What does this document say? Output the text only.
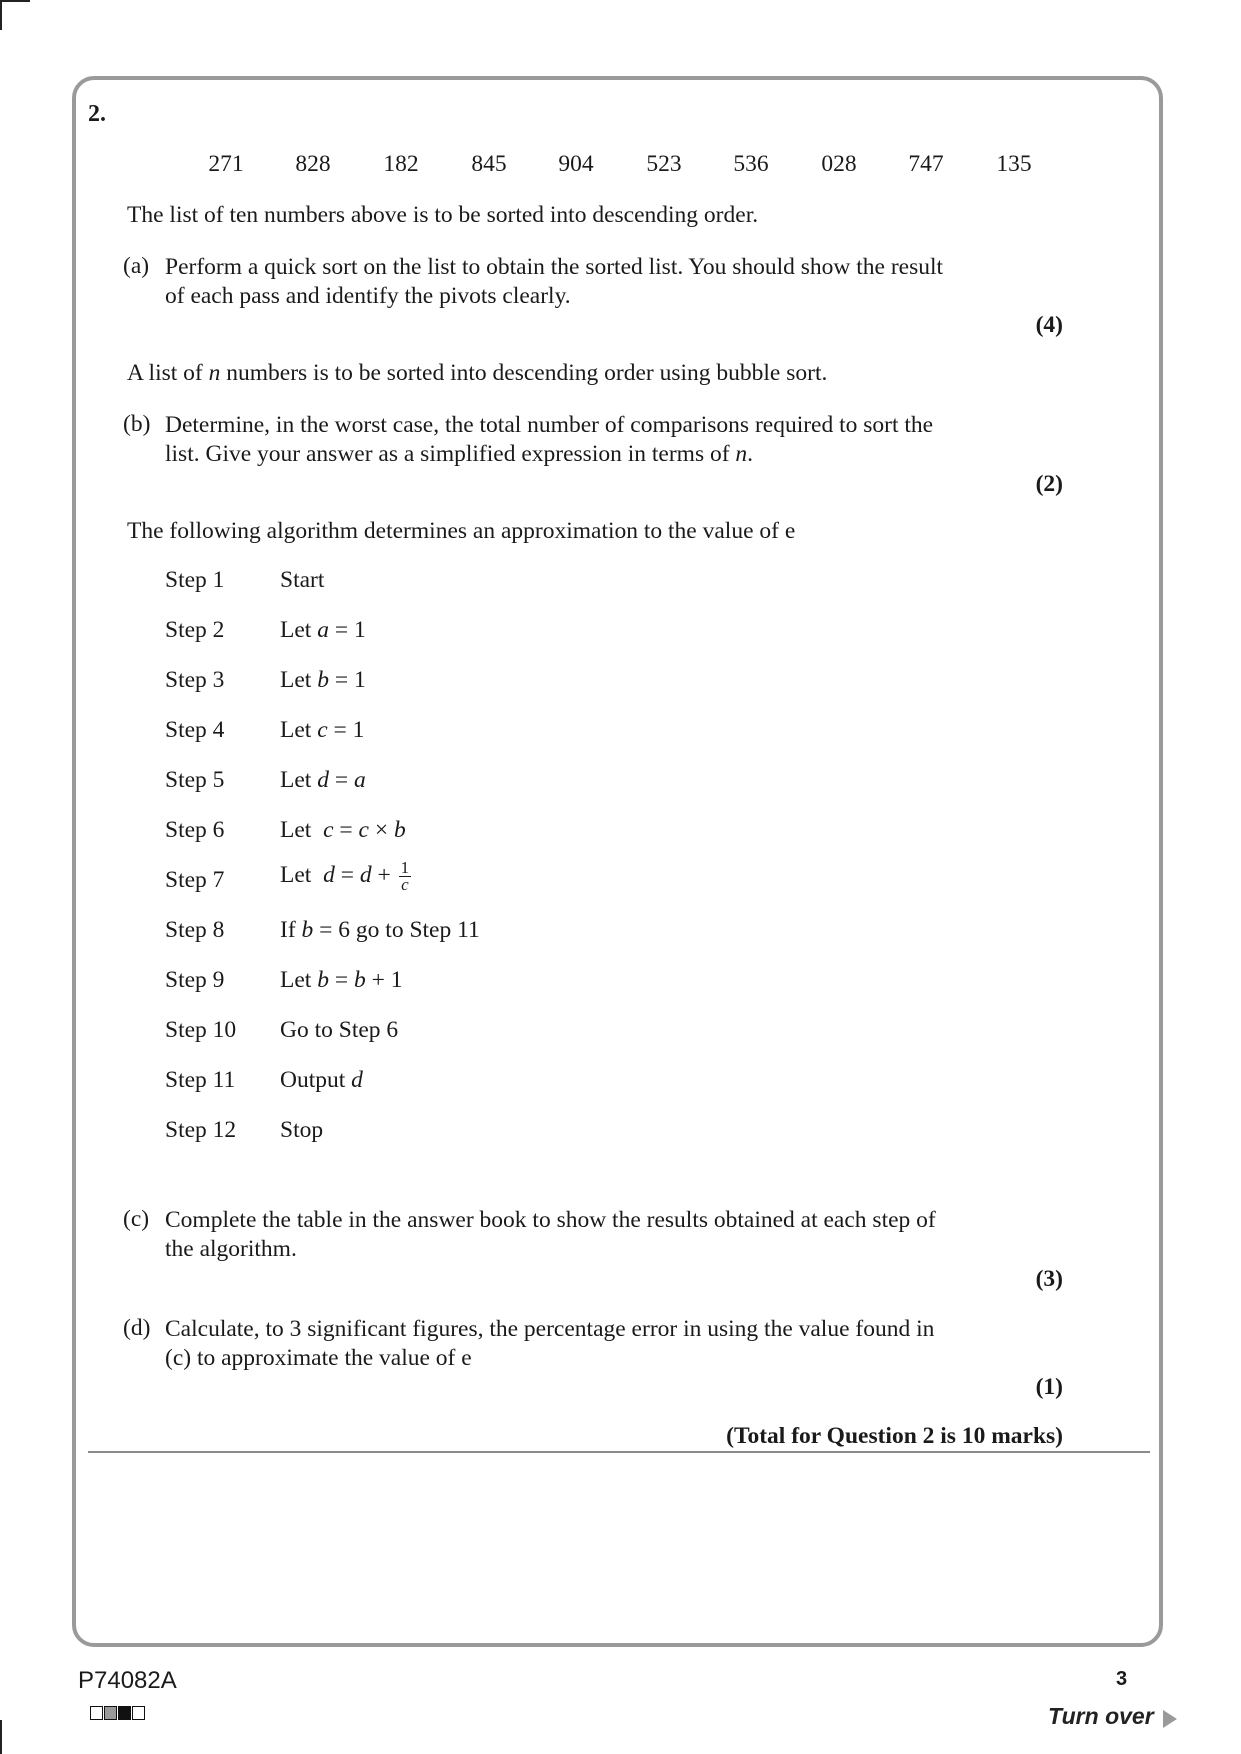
2.
271	828	182	845	904	523	536	028	747	135
The list of ten numbers above is to be sorted into descending order.
(a) Perform a quick sort on the list to obtain the sorted list. You should show the result
of each pass and identify the pivots clearly.
(4)
A list of n numbers is to be sorted into descending order using bubble sort.
(b) Determine, in the worst case, the total number of comparisons required to sort the
list. Give your answer as a simplified expression in terms of n.
(2)
The following algorithm determines an approximation to the value of e
Step 1 Start
Step 2 Let a = 1
Step 3 Let b = 1
Step 4 Let c = 1
Step 5 Let d = a
Step 6 Let c = c × b
Step 7 Let $d = d + \frac{1}{c}$
Step 8 If b = 6 go to Step 11
Step 9 Let b = b + 1
Step 10 Go to Step 6
Step 11 Output d
Step 12 Stop
(c) Complete the table in the answer book to show the results obtained at each step of
the algorithm.
(3)
(d) Calculate, to 3 significant figures, the percentage error in using the value found in
(c) to approximate the value of e
(1)
(Total for Question 2 is 10 marks)
P74082A	3
Turn over
